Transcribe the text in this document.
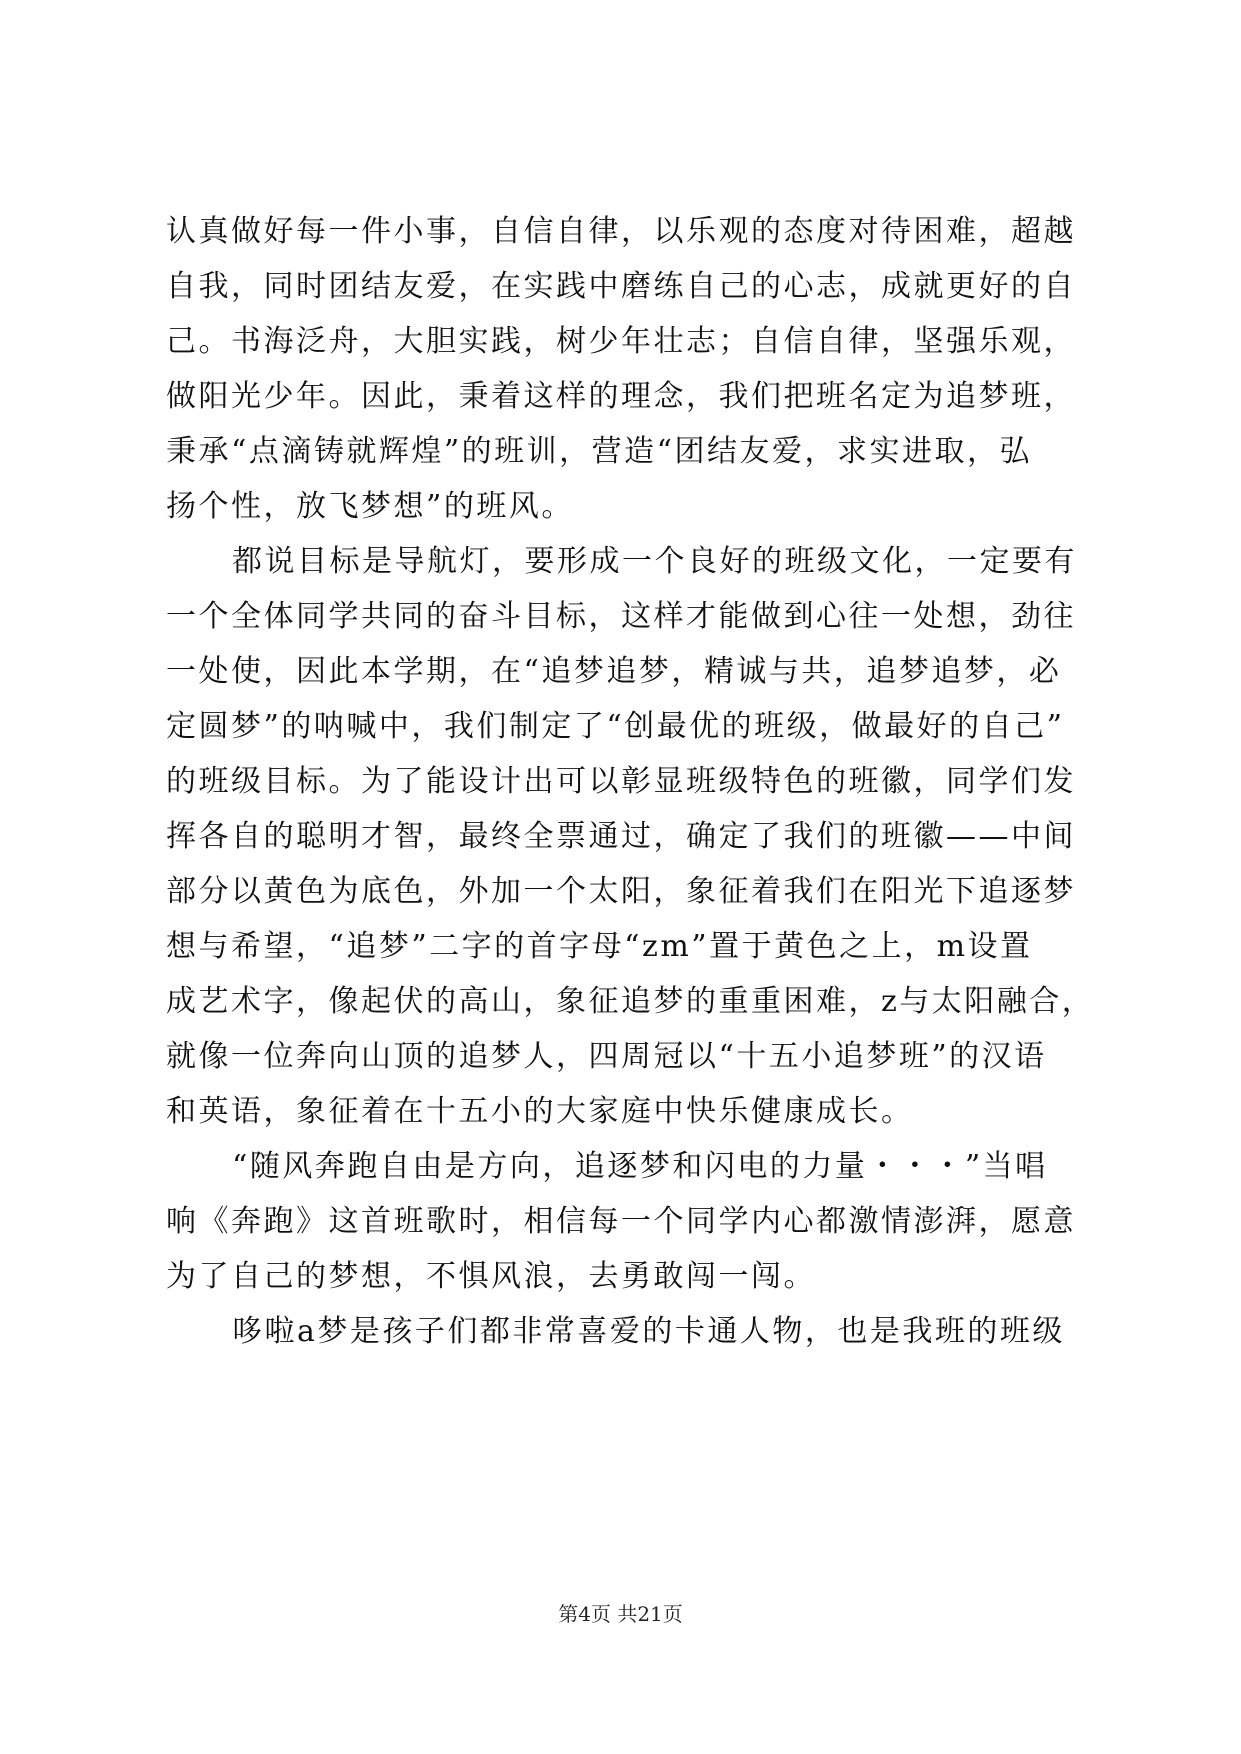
认真做好每一件小事，自信自律，以乐观的态度对待困难，超越
自我，同时团结友爱，在实践中磨练自己的心志，成就更好的自
己。书海泛舟，大胆实践，树少年壮志；自信自律，坚强乐观，
做阳光少年。因此，秉着这样的理念，我们把班名定为追梦班，
秉承“点滴铸就辉煌”的班训，营造“团结友爱，求实进取，弘
扬个性，放飞梦想”的班风。
都说目标是导航灯，要形成一个良好的班级文化，一定要有
一个全体同学共同的奋斗目标，这样才能做到心往一处想，劲往
一处使，因此本学期，在“追梦追梦，精诚与共，追梦追梦，必
定圆梦”的呐喊中，我们制定了“创最优的班级，做最好的自己”
的班级目标。为了能设计出可以彰显班级特色的班徽，同学们发
挥各自的聪明才智，最终全票通过，确定了我们的班徽——中间
部分以黄色为底色，外加一个太阳，象征着我们在阳光下追逐梦
想与希望，“追梦”二字的首字母“zm”置于黄色之上，m设置
成艺术字，像起伏的高山，象征追梦的重重困难，z与太阳融合，
就像一位奔向山顶的追梦人，四周冠以“十五小追梦班”的汉语
和英语，象征着在十五小的大家庭中快乐健康成长。
“随风奔跑自由是方向，追逐梦和闪电的力量・・・”当唱
响《奔跑》这首班歌时，相信每一个同学内心都激情澎湃，愿意
为了自己的梦想，不惧风浪，去勇敢闯一闯。
哆啦a梦是孩子们都非常喜爱的卡通人物，也是我班的班级
第4页 共21页
